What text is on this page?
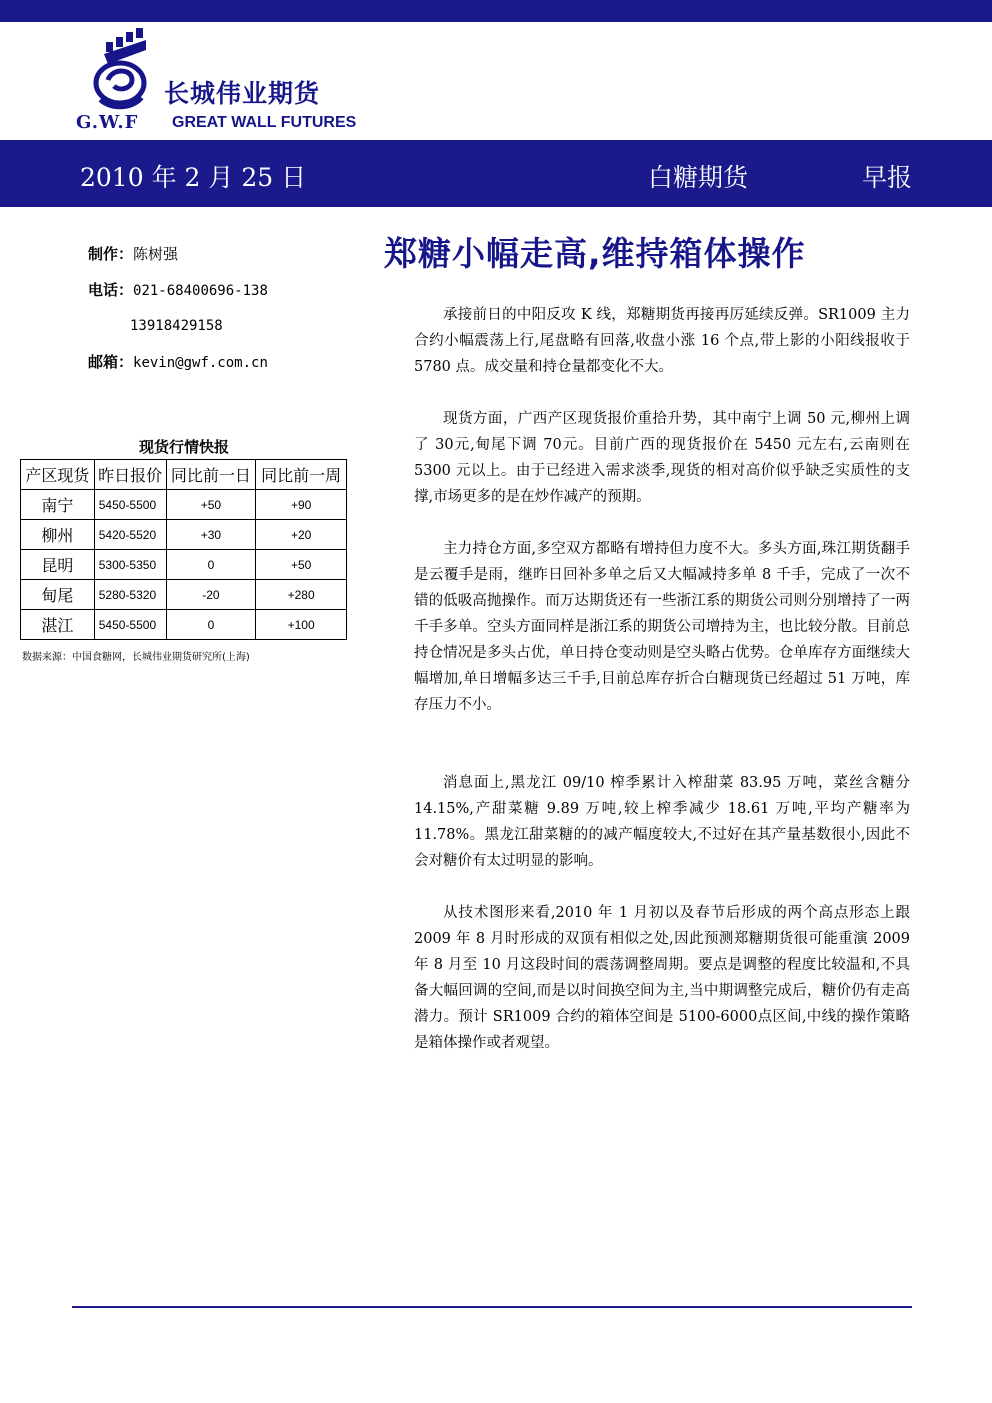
长城伟业期货
G.W.F GREAT WALL FUTURES
2010 年 2 月 25 日	白糖期货	早报
制作：陈树强
电话：021-68400696-138
13918429158
邮箱：kevin@gwf.com.cn
郑糖小幅走高,维持箱体操作
现货行情快报
产区现货	昨日报价	同比前一日	同比前一周
南宁	5450-5500	+50	+90
柳州	5420-5520	+30	+20
昆明	5300-5350	0	+50
甸尾	5280-5320	-20	+280
湛江	5450-5500	0	+100
数据来源：中国食糖网，长城伟业期货研究所(上海)

承接前日的中阳反攻 K 线，郑糖期货再接再厉延续反弹。SR1009 主力合约小幅震荡上行,尾盘略有回落,收盘小涨 16 个点,带上影的小阳线报收于 5780 点。成交量和持仓量都变化不大。

现货方面，广西产区现货报价重拾升势，其中南宁上调 50 元,柳州上调了 30元,甸尾下调 70元。目前广西的现货报价在 5450 元左右,云南则在 5300 元以上。由于已经进入需求淡季,现货的相对高价似乎缺乏实质性的支撑,市场更多的是在炒作减产的预期。

主力持仓方面,多空双方都略有增持但力度不大。多头方面,珠江期货翻手是云覆手是雨，继昨日回补多单之后又大幅减持多单 8 千手，完成了一次不错的低吸高抛操作。而万达期货还有一些浙江系的期货公司则分别增持了一两千手多单。空头方面同样是浙江系的期货公司增持为主，也比较分散。目前总持仓情况是多头占优，单日持仓变动则是空头略占优势。仓单库存方面继续大幅增加,单日增幅多达三千手,目前总库存折合白糖现货已经超过 51 万吨，库存压力不小。

消息面上,黑龙江 09/10 榨季累计入榨甜菜 83.95 万吨，菜丝含糖分 14.15%,产甜菜糖 9.89 万吨,较上榨季减少 18.61 万吨,平均产糖率为 11.78%。黑龙江甜菜糖的的减产幅度较大,不过好在其产量基数很小,因此不会对糖价有太过明显的影响。

从技术图形来看,2010 年 1 月初以及春节后形成的两个高点形态上跟 2009 年 8 月时形成的双顶有相似之处,因此预测郑糖期货很可能重演 2009 年 8 月至 10 月这段时间的震荡调整周期。要点是调整的程度比较温和,不具备大幅回调的空间,而是以时间换空间为主,当中期调整完成后，糖价仍有走高潜力。预计 SR1009 合约的箱体空间是 5100-6000点区间,中线的操作策略是箱体操作或者观望。
